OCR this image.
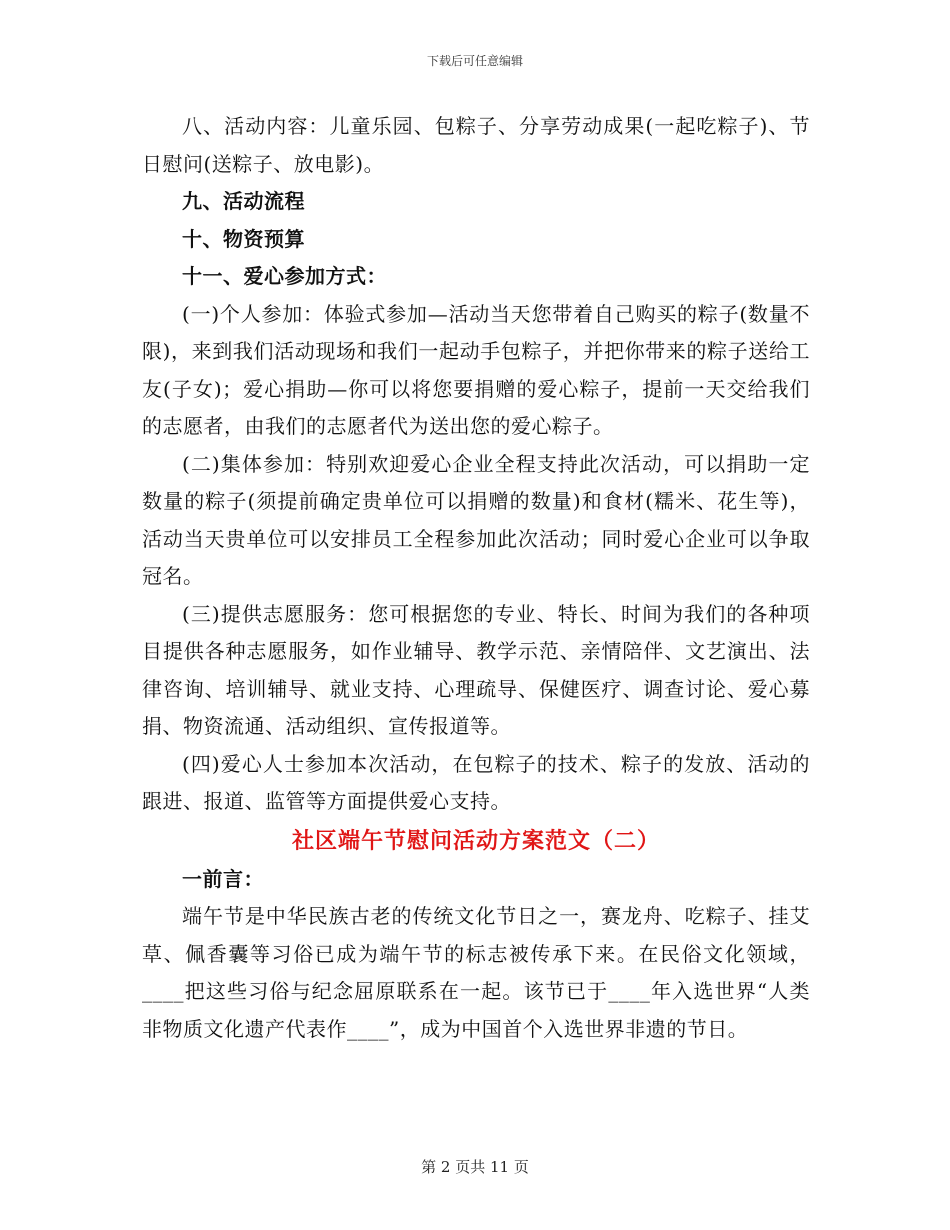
下载后可任意编辑

八、活动内容：儿童乐园、包粽子、分享劳动成果(一起吃粽子)、节日慰问(送粽子、放电影)。

九、活动流程

十、物资预算

十一、爱心参加方式：

(一)个人参加：体验式参加—活动当天您带着自己购买的粽子(数量不限)，来到我们活动现场和我们一起动手包粽子，并把你带来的粽子送给工友(子女)；爱心捐助—你可以将您要捐赠的爱心粽子，提前一天交给我们的志愿者，由我们的志愿者代为送出您的爱心粽子。

(二)集体参加：特别欢迎爱心企业全程支持此次活动，可以捐助一定数量的粽子(须提前确定贵单位可以捐赠的数量)和食材(糯米、花生等)，活动当天贵单位可以安排员工全程参加此次活动；同时爱心企业可以争取冠名。

(三)提供志愿服务：您可根据您的专业、特长、时间为我们的各种项目提供各种志愿服务，如作业辅导、教学示范、亲情陪伴、文艺演出、法律咨询、培训辅导、就业支持、心理疏导、保健医疗、调查讨论、爱心募捐、物资流通、活动组织、宣传报道等。

(四)爱心人士参加本次活动，在包粽子的技术、粽子的发放、活动的跟进、报道、监管等方面提供爱心支持。

社区端午节慰问活动方案范文（二）

一前言：

端午节是中华民族古老的传统文化节日之一，赛龙舟、吃粽子、挂艾草、佩香囊等习俗已成为端午节的标志被传承下来。在民俗文化领域，____把这些习俗与纪念屈原联系在一起。该节已于____年入选世界“人类非物质文化遗产代表作____”，成为中国首个入选世界非遗的节日。

第 2 页共 11 页
